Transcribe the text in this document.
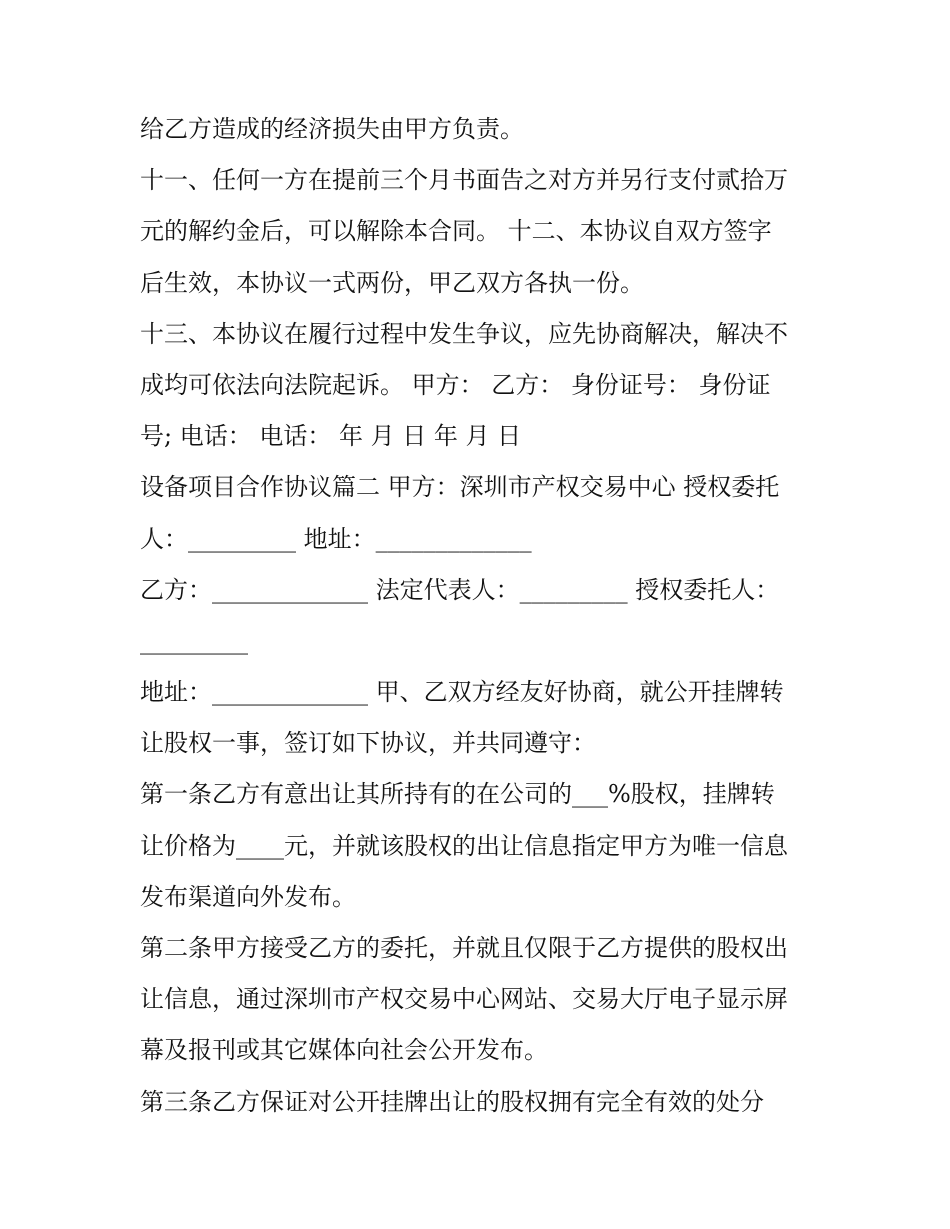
给乙方造成的经济损失由甲方负责。
十一、任何一方在提前三个月书面告之对方并另行支付贰拾万
元的解约金后，可以解除本合同。 十二、本协议自双方签字
后生效，本协议一式两份，甲乙双方各执一份。
十三、本协议在履行过程中发生争议，应先协商解决，解决不
成均可依法向法院起诉。 甲方： 乙方： 身份证号： 身份证
号; 电话： 电话： 年 月 日 年 月 日
设备项目合作协议篇二 甲方：深圳市产权交易中心 授权委托
人：_________ 地址：_____________
乙方：_____________ 法定代表人：_________ 授权委托人：
_________
地址：_____________ 甲、乙双方经友好协商，就公开挂牌转
让股权一事，签订如下协议，并共同遵守：
第一条乙方有意出让其所持有的在公司的___%股权，挂牌转
让价格为____元，并就该股权的出让信息指定甲方为唯一信息
发布渠道向外发布。
第二条甲方接受乙方的委托，并就且仅限于乙方提供的股权出
让信息，通过深圳市产权交易中心网站、交易大厅电子显示屏
幕及报刊或其它媒体向社会公开发布。
第三条乙方保证对公开挂牌出让的股权拥有完全有效的处分
